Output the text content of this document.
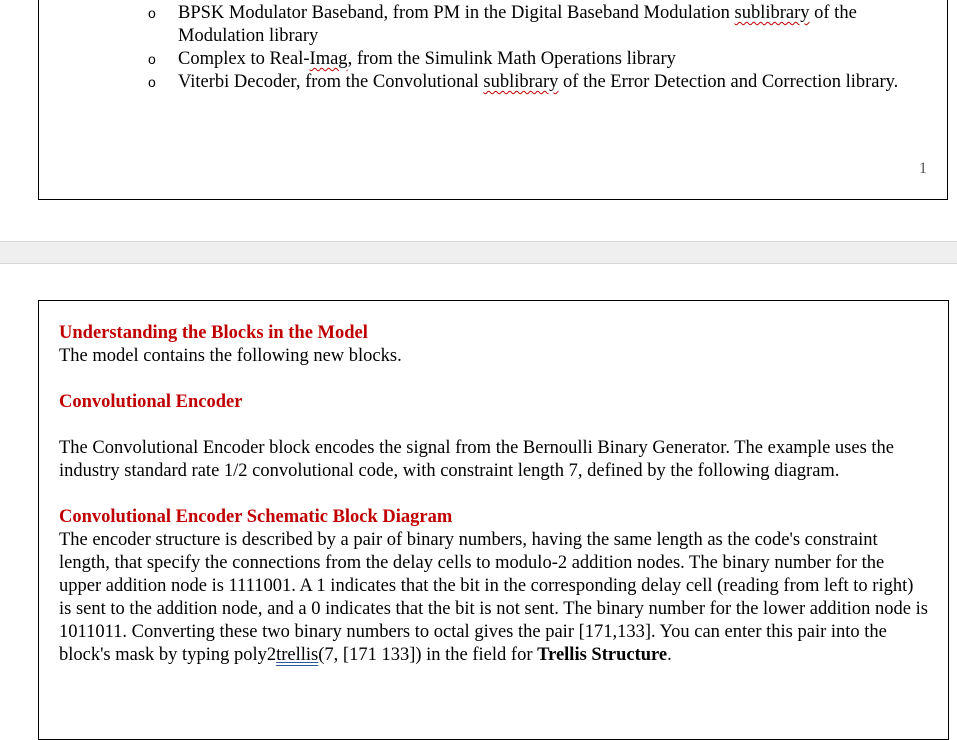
o BPSK Modulator Baseband, from PM in the Digital Baseband Modulation sublibrary of the Modulation library
o Complex to Real-Imag, from the Simulink Math Operations library
o Viterbi Decoder, from the Convolutional sublibrary of the Error Detection and Correction library.
1

Understanding the Blocks in the Model

The model contains the following new blocks.

Convolutional Encoder

The Convolutional Encoder block encodes the signal from the Bernoulli Binary Generator. The example uses the industry standard rate 1/2 convolutional code, with constraint length 7, defined by the following diagram.

Convolutional Encoder Schematic Block Diagram

The encoder structure is described by a pair of binary numbers, having the same length as the code's constraint length, that specify the connections from the delay cells to modulo-2 addition nodes. The binary number for the upper addition node is 1111001. A 1 indicates that the bit in the corresponding delay cell (reading from left to right) is sent to the addition node, and a 0 indicates that the bit is not sent. The binary number for the lower addition node is 1011011. Converting these two binary numbers to octal gives the pair [171,133]. You can enter this pair into the block's mask by typing poly2trellis(7, [171 133]) in the field for Trellis Structure.
